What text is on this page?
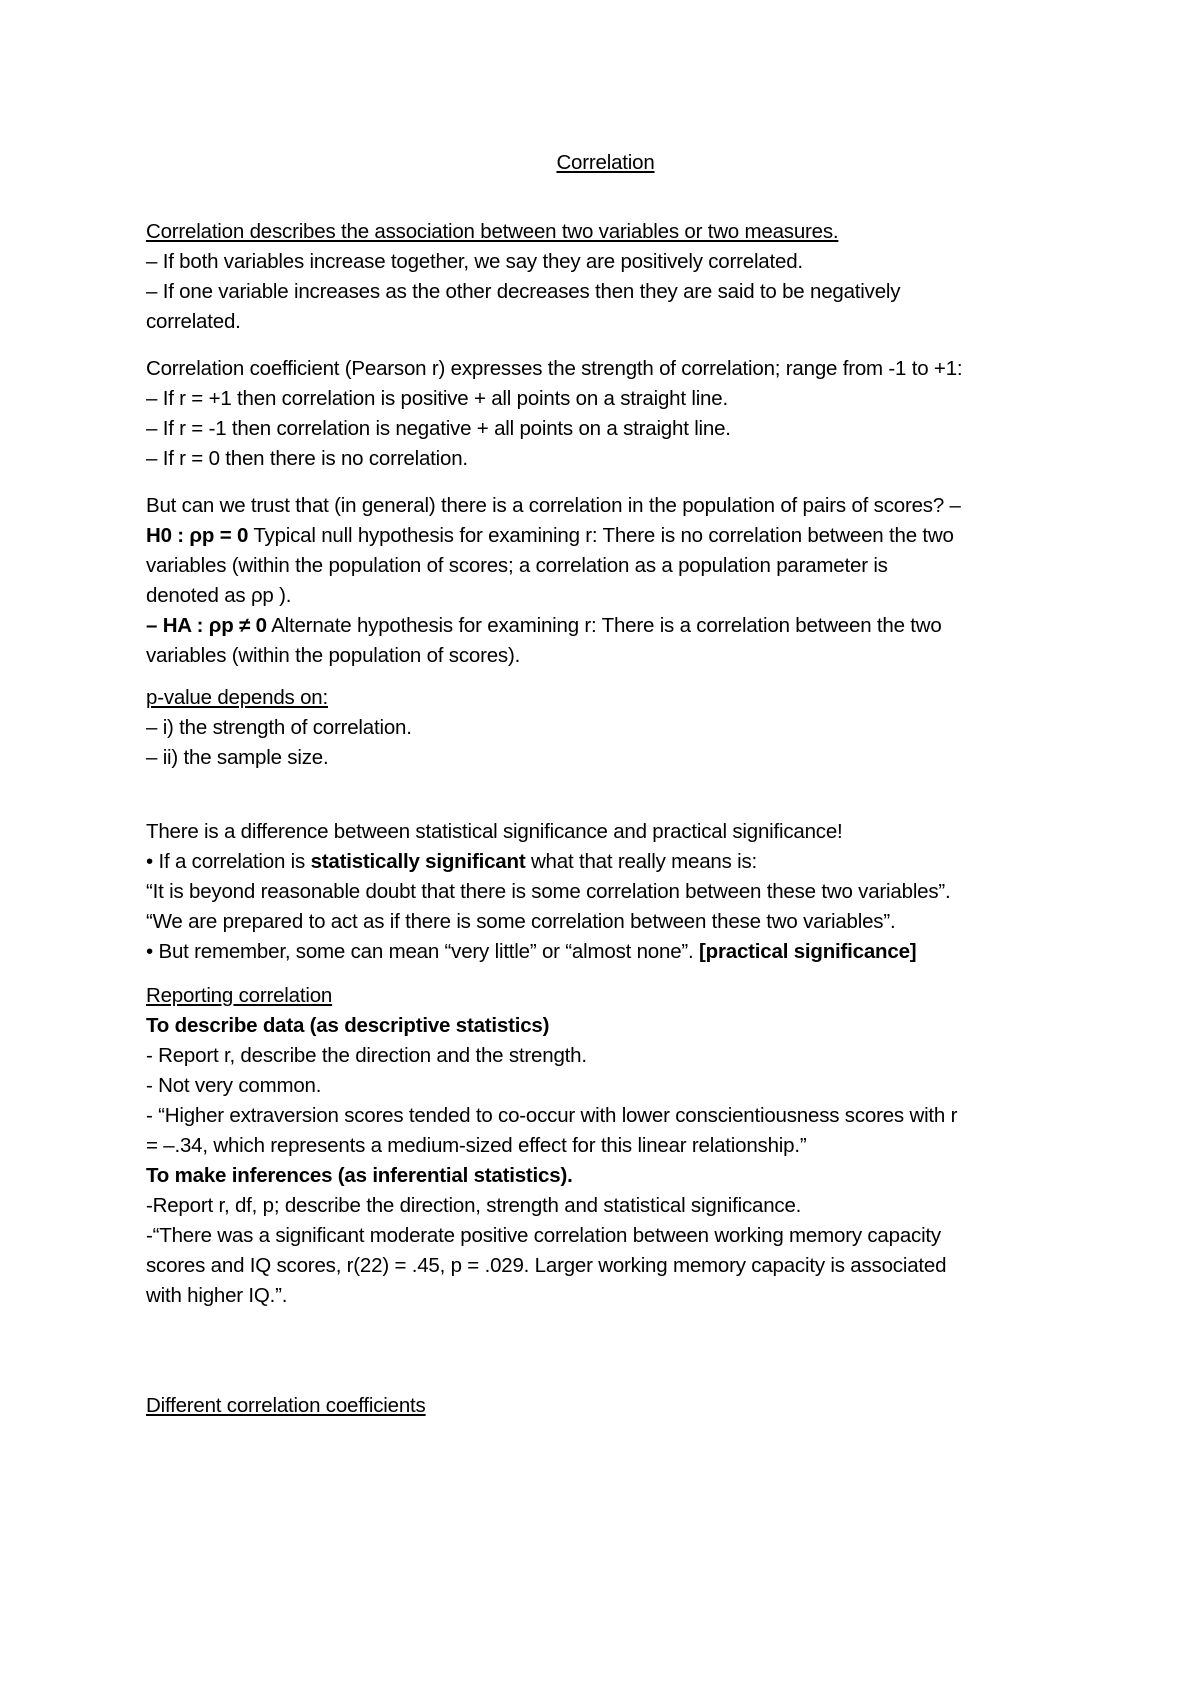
Correlation
Correlation describes the association between two variables or two measures.
– If both variables increase together, we say they are positively correlated.
– If one variable increases as the other decreases then they are said to be negatively
correlated.
Correlation coefficient (Pearson r) expresses the strength of correlation; range from -1 to +1:
– If r = +1 then correlation is positive + all points on a straight line.
– If r = -1 then correlation is negative + all points on a straight line.
– If r = 0 then there is no correlation.
But can we trust that (in general) there is a correlation in the population of pairs of scores? –
H0 : ρp = 0 Typical null hypothesis for examining r: There is no correlation between the two
variables (within the population of scores; a correlation as a population parameter is
denoted as ρp ).
– HA : ρp ≠ 0 Alternate hypothesis for examining r: There is a correlation between the two
variables (within the population of scores).
p-value depends on:
– i) the strength of correlation.
– ii) the sample size.
There is a difference between statistical significance and practical significance!
• If a correlation is statistically significant what that really means is:
“It is beyond reasonable doubt that there is some correlation between these two variables”.
“We are prepared to act as if there is some correlation between these two variables”.
• But remember, some can mean “very little” or “almost none”. [practical significance]
Reporting correlation
To describe data (as descriptive statistics)
- Report r, describe the direction and the strength.
- Not very common.
- “Higher extraversion scores tended to co-occur with lower conscientiousness scores with r
= –.34, which represents a medium-sized effect for this linear relationship.”
To make inferences (as inferential statistics).
-Report r, df, p; describe the direction, strength and statistical significance.
-“There was a significant moderate positive correlation between working memory capacity
scores and IQ scores, r(22) = .45, p = .029. Larger working memory capacity is associated
with higher IQ.”.
Different correlation coefficients
